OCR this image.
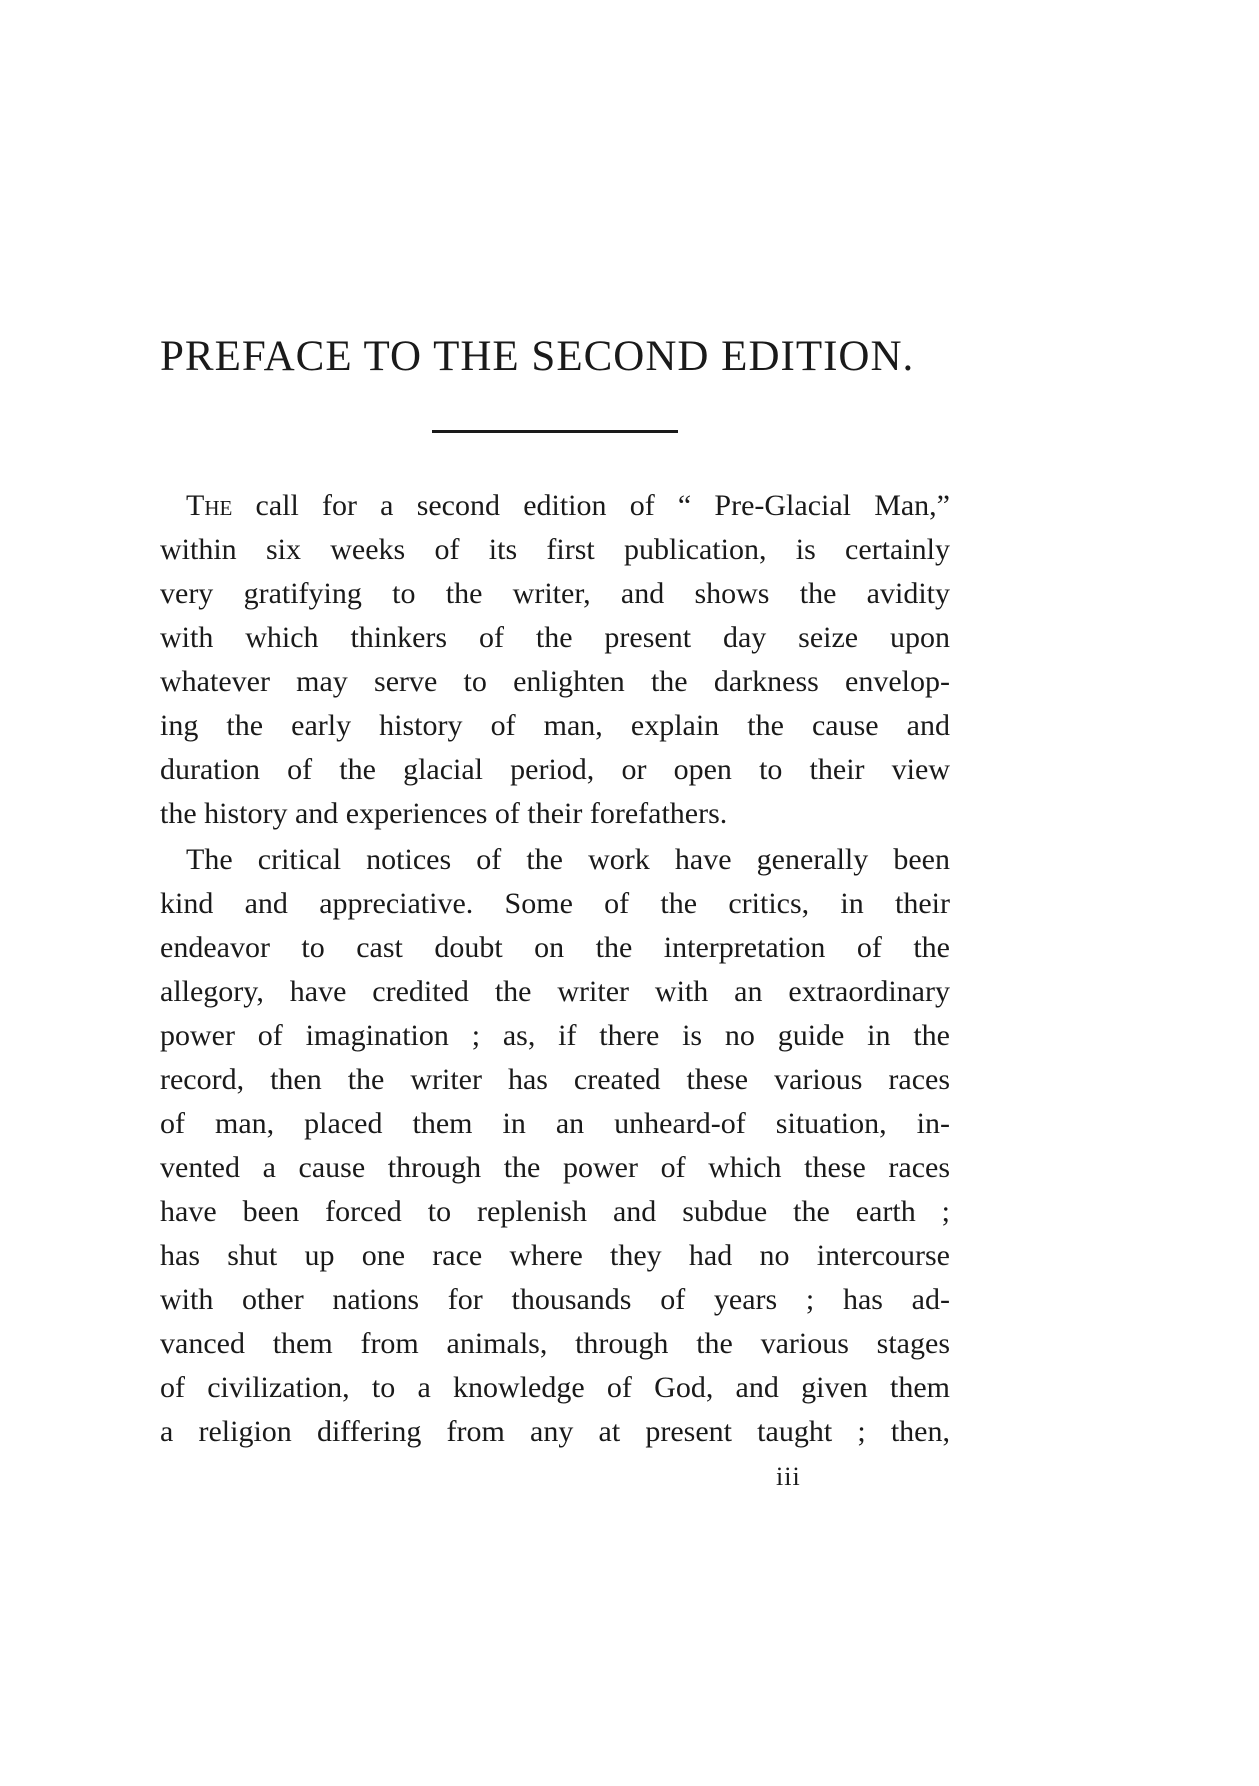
PREFACE TO THE SECOND EDITION.
The call for a second edition of “ Pre-Glacial Man,”
within six weeks of its first publication, is certainly
very gratifying to the writer, and shows the avidity
with which thinkers of the present day seize upon
whatever may serve to enlighten the darkness envelop-
ing the early history of man, explain the cause and
duration of the glacial period, or open to their view
the history and experiences of their forefathers.
The critical notices of the work have generally been
kind and appreciative. Some of the critics, in their
endeavor to cast doubt on the interpretation of the
allegory, have credited the writer with an extraordinary
power of imagination ; as, if there is no guide in the
record, then the writer has created these various races
of man, placed them in an unheard-of situation, in-
vented a cause through the power of which these races
have been forced to replenish and subdue the earth ;
has shut up one race where they had no intercourse
with other nations for thousands of years ; has ad-
vanced them from animals, through the various stages
of civilization, to a knowledge of God, and given them
a religion differing from any at present taught ; then,
iii
